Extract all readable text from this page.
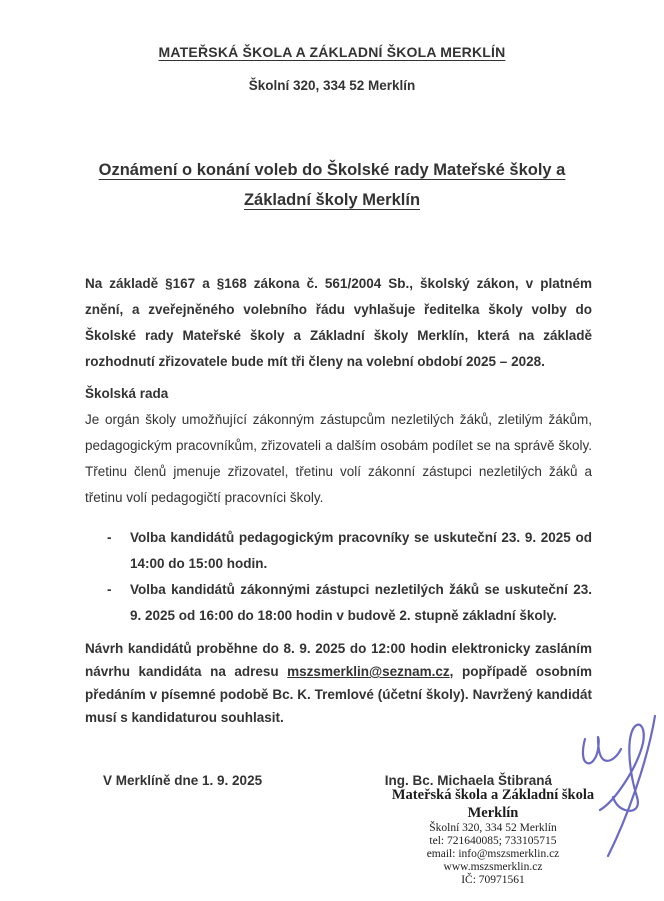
MATEŘSKÁ ŠKOLA A ZÁKLADNÍ ŠKOLA MERKLÍN
Školní 320, 334 52 Merklín
Oznámení o konání voleb do Školské rady Mateřské školy a Základní školy Merklín

Na základě §167 a §168 zákona č. 561/2004 Sb., školský zákon, v platném znění, a zveřejněného volebního řádu vyhlašuje ředitelka školy volby do Školské rady Mateřské školy a Základní školy Merklín, která na základě rozhodnutí zřizovatele bude mít tři členy na volební období 2025 – 2028.

Školská rada

Je orgán školy umožňující zákonným zástupcům nezletilých žáků, zletilým žákům, pedagogickým pracovníkům, zřizovateli a dalším osobám podílet se na správě školy. Třetinu členů jmenuje zřizovatel, třetinu volí zákonní zástupci nezletilých žáků a třetinu volí pedagogičtí pracovníci školy.

-	Volba kandidátů pedagogickým pracovníky se uskuteční 23. 9. 2025 od 14:00 do 15:00 hodin.
-	Volba kandidátů zákonnými zástupci nezletilých žáků se uskuteční 23. 9. 2025 od 16:00 do 18:00 hodin v budově 2. stupně základní školy.

Návrh kandidátů proběhne do 8. 9. 2025 do 12:00 hodin elektronicky zasláním návrhu kandidáta na adresu mszsmerklin@seznam.cz, popřípadě osobním předáním v písemné podobě Bc. K. Tremlové (účetní školy). Navržený kandidát musí s kandidaturou souhlasit.

V Merklíně dne 1. 9. 2025	Ing. Bc. Michaela Štibraná
Mateřská škola a Základní škola
Merklín
Školní 320, 334 52 Merklín
tel: 721640085; 733105715
email: info@mszsmerklin.cz
www.mszsmerklin.cz
IČ: 70971561
